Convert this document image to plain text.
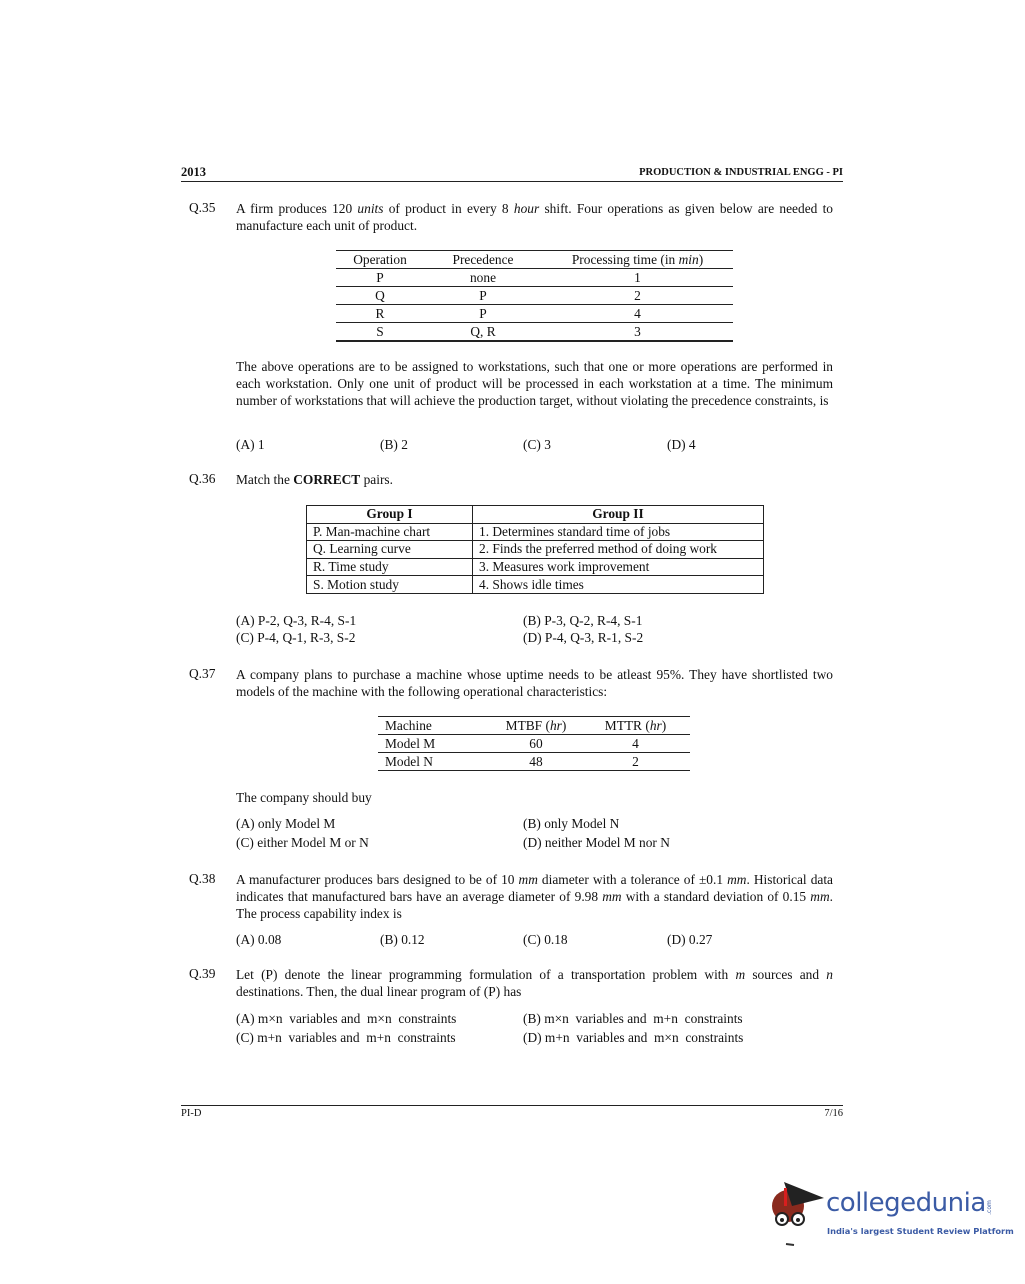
2013	PRODUCTION & INDUSTRIAL ENGG - PI
Q.35 A firm produces 120 units of product in every 8 hour shift. Four operations as given below are needed to manufacture each unit of product.
Operation	Precedence	Processing time (in min)
P	none	1
Q	P	2
R	P	4
S	Q, R	3
The above operations are to be assigned to workstations, such that one or more operations are performed in each workstation. Only one unit of product will be processed in each workstation at a time. The minimum number of workstations that will achieve the production target, without violating the precedence constraints, is
(A) 1	(B) 2	(C) 3	(D) 4
Q.36 Match the CORRECT pairs.
Group I	Group II
P. Man-machine chart	1. Determines standard time of jobs
Q. Learning curve	2. Finds the preferred method of doing work
R. Time study	3. Measures work improvement
S. Motion study	4. Shows idle times
(A) P-2, Q-3, R-4, S-1	(B) P-3, Q-2, R-4, S-1
(C) P-4, Q-1, R-3, S-2	(D) P-4, Q-3, R-1, S-2
Q.37 A company plans to purchase a machine whose uptime needs to be atleast 95%. They have shortlisted two models of the machine with the following operational characteristics:
Machine	MTBF (hr)	MTTR (hr)
Model M	60	4
Model N	48	2
The company should buy
(A) only Model M	(B) only Model N
(C) either Model M or N	(D) neither Model M nor N
Q.38 A manufacturer produces bars designed to be of 10 mm diameter with a tolerance of ±0.1 mm. Historical data indicates that manufactured bars have an average diameter of 9.98 mm with a standard deviation of 0.15 mm. The process capability index is
(A) 0.08	(B) 0.12	(C) 0.18	(D) 0.27
Q.39 Let (P) denote the linear programming formulation of a transportation problem with m sources and n destinations. Then, the dual linear program of (P) has
(A) m×n  variables and  m×n  constraints	(B) m×n  variables and  m+n  constraints
(C) m+n  variables and  m+n  constraints	(D) m+n  variables and  m×n  constraints
PI-D	7/16
collegedunia .com
India's largest Student Review Platform
